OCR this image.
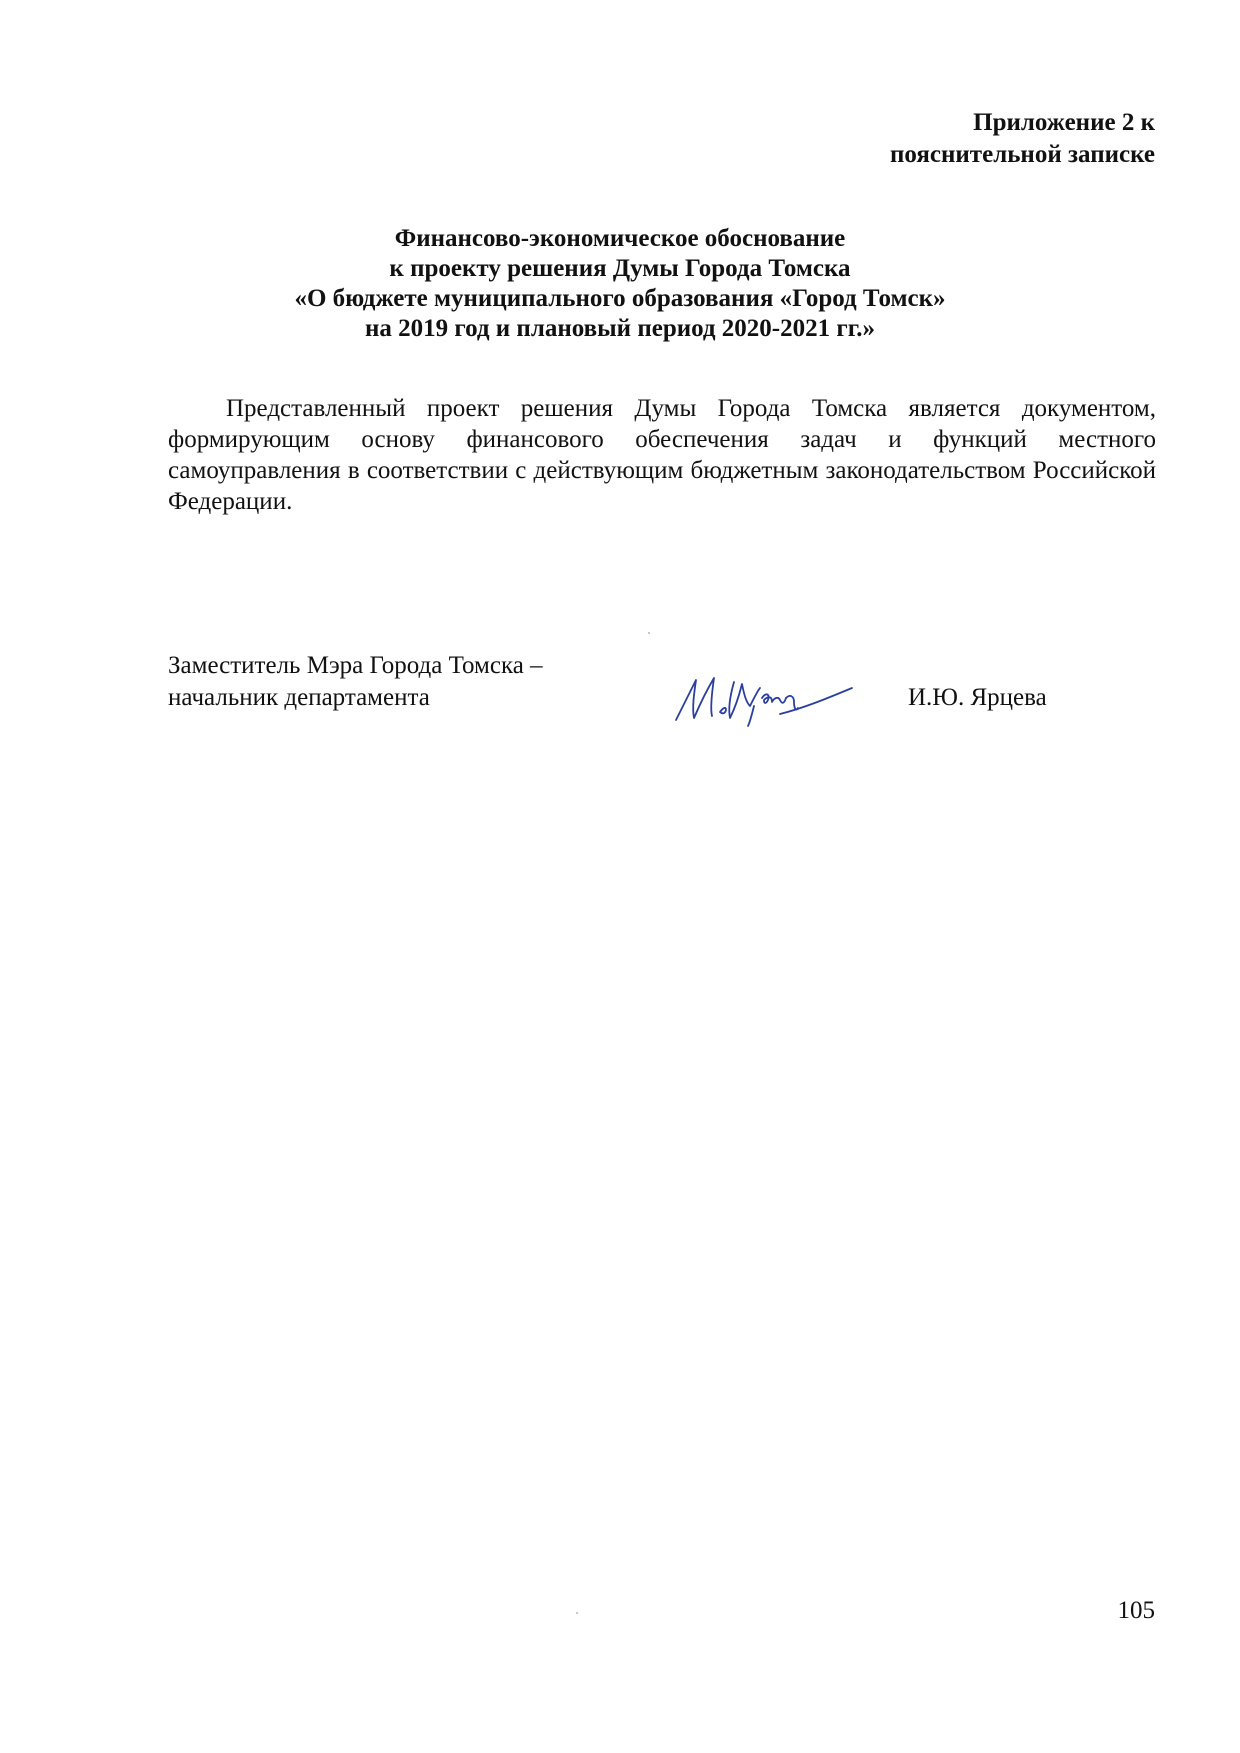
Приложение 2 к
пояснительной записке
Финансово-экономическое обоснование
к проекту решения Думы Города Томска
«О бюджете муниципального образования «Город Томск»
на 2019 год и плановый период 2020-2021 гг.»

Представленный проект решения Думы Города Томска является документом, формирующим основу финансового обеспечения задач и функций местного самоуправления в соответствии с действующим бюджетным законодательством Российской Федерации.

Заместитель Мэра Города Томска –
начальник департамента	И.Ю. Ярцева
105
